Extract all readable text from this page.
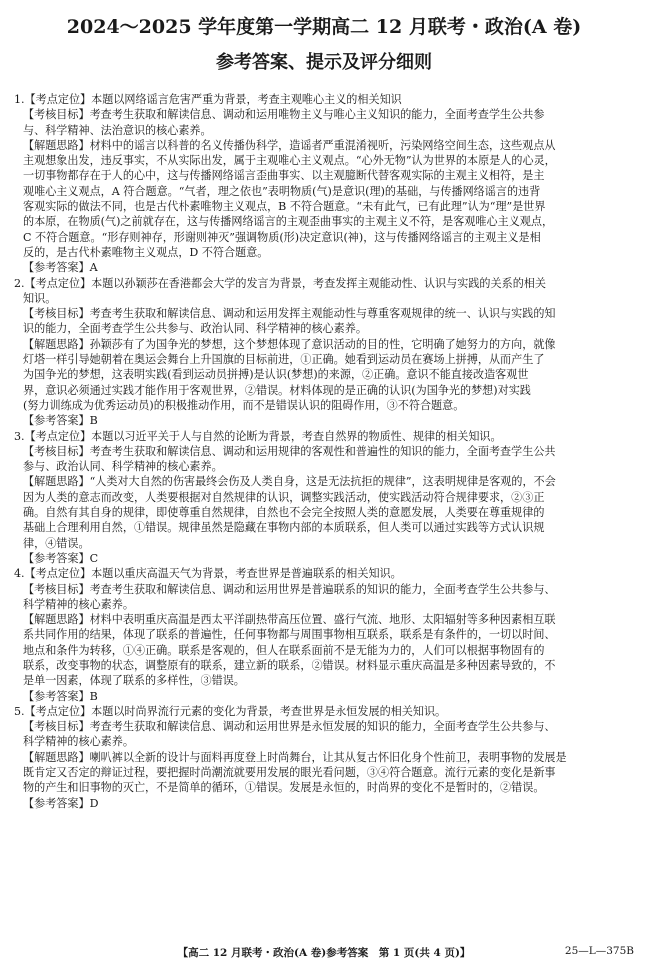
2024～2025 学年度第一学期高二 12 月联考・政治(A 卷)
参考答案、提示及评分细则
1.【考点定位】本题以网络谣言危害严重为背景，考查主观唯心主义的相关知识
【考核目标】考查考生获取和解读信息、调动和运用唯物主义与唯心主义知识的能力，全面考查学生公共参
与、科学精神、法治意识的核心素养。
【解题思路】材料中的谣言以科普的名义传播伪科学，造谣者严重混淆视听，污染网络空间生态，这些观点从
主观想象出发，违反事实，不从实际出发，属于主观唯心主义观点。“心外无物”认为世界的本原是人的心灵，
一切事物都存在于人的心中，这与传播网络谣言歪曲事实、以主观臆断代替客观实际的主观主义相符，是主
观唯心主义观点，A 符合题意。“气者，理之依也”表明物质(气)是意识(理)的基础，与传播网络谣言的违背
客观实际的做法不同，也是古代朴素唯物主义观点，B 不符合题意。“未有此气，已有此理”认为“理”是世界
的本原，在物质(气)之前就存在，这与传播网络谣言的主观歪曲事实的主观主义不符，是客观唯心主义观点，
C 不符合题意。“形存则神存，形谢则神灭”强调物质(形)决定意识(神)，这与传播网络谣言的主观主义是相
反的，是古代朴素唯物主义观点，D 不符合题意。
【参考答案】A
2.【考点定位】本题以孙颖莎在香港都会大学的发言为背景，考查发挥主观能动性、认识与实践的关系的相关
知识。
【考核目标】考查考生获取和解读信息、调动和运用发挥主观能动性与尊重客观规律的统一、认识与实践的知
识的能力，全面考查学生公共参与、政治认同、科学精神的核心素养。
【解题思路】孙颖莎有了为国争光的梦想，这个梦想体现了意识活动的目的性，它明确了她努力的方向，就像
灯塔一样引导她朝着在奥运会舞台上升国旗的目标前进，①正确。她看到运动员在赛场上拼搏，从而产生了
为国争光的梦想，这表明实践(看到运动员拼搏)是认识(梦想)的来源，②正确。意识不能直接改造客观世
界，意识必须通过实践才能作用于客观世界，②错误。材料体现的是正确的认识(为国争光的梦想)对实践
(努力训练成为优秀运动员)的积极推动作用，而不是错误认识的阻碍作用，③不符合题意。
【参考答案】B
3.【考点定位】本题以习近平关于人与自然的论断为背景，考查自然界的物质性、规律的相关知识。
【考核目标】考查考生获取和解读信息、调动和运用规律的客观性和普遍性的知识的能力，全面考查学生公共
参与、政治认同、科学精神的核心素养。
【解题思路】“人类对大自然的伤害最终会伤及人类自身，这是无法抗拒的规律”，这表明规律是客观的，不会
因为人类的意志而改变，人类要根据对自然规律的认识，调整实践活动，使实践活动符合规律要求，②③正
确。自然有其自身的规律，即使尊重自然规律，自然也不会完全按照人类的意愿发展，人类要在尊重规律的
基础上合理利用自然，①错误。规律虽然是隐藏在事物内部的本质联系，但人类可以通过实践等方式认识规
律，④错误。
【参考答案】C
4.【考点定位】本题以重庆高温天气为背景，考查世界是普遍联系的相关知识。
【考核目标】考查考生获取和解读信息、调动和运用世界是普遍联系的知识的能力，全面考查学生公共参与、
科学精神的核心素养。
【解题思路】材料中表明重庆高温是西太平洋副热带高压位置、盛行气流、地形、太阳辐射等多种因素相互联
系共同作用的结果，体现了联系的普遍性，任何事物都与周围事物相互联系，联系是有条件的，一切以时间、
地点和条件为转移，①④正确。联系是客观的，但人在联系面前不是无能为力的，人们可以根据事物固有的
联系，改变事物的状态，调整原有的联系，建立新的联系，②错误。材料显示重庆高温是多种因素导致的，不
是单一因素，体现了联系的多样性，③错误。
【参考答案】B
5.【考点定位】本题以时尚界流行元素的变化为背景，考查世界是永恒发展的相关知识。
【考核目标】考查考生获取和解读信息、调动和运用世界是永恒发展的知识的能力，全面考查学生公共参与、
科学精神的核心素养。
【解题思路】喇叭裤以全新的设计与面料再度登上时尚舞台，让其从复古怀旧化身个性前卫，表明事物的发展是
既肯定又否定的辩证过程，要把握时尚潮流就要用发展的眼光看问题，③④符合题意。流行元素的变化是新事
物的产生和旧事物的灭亡，不是简单的循环，①错误。发展是永恒的，时尚界的变化不是暂时的，②错误。
【参考答案】D
【高二 12 月联考・政治(A 卷)参考答案　第 1 页(共 4 页)】	25—L—375B
